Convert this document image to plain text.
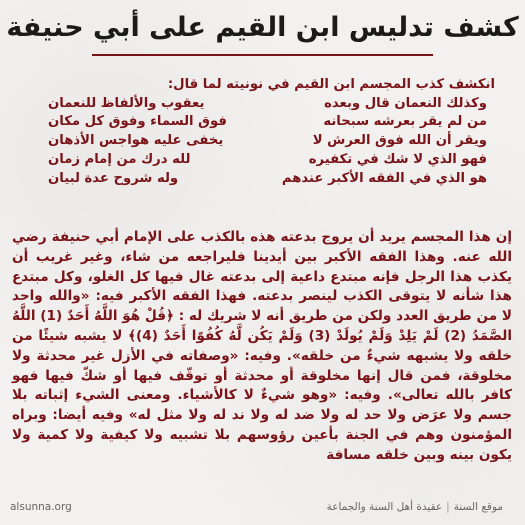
كشف تدليس ابن القيم على أبي حنيفة
انكشف كذب المجسم ابن القيم في نونيته لما قال:
وكذلك النعمان قال وبعده
يعقوب والألفاظ للنعمان
من لم يقر بعرشه سبحانه
فوق السماء وفوق كل مكان
ويقر أن الله فوق العرش لا
يخفى عليه هواجس الأذهان
فهو الذي لا شك في تكفيره
لله درك من إمام زمان
هو الذي في الفقه الأكبر عندهم
وله شروح عدة لبيان
إن هذا المجسم يريد أن يروج بدعته هذه بالكذب على الإمام أبي حنيفة رضي الله عنه. وهذا الفقه الأكبر بين أيدينا فليراجعه من شاء، وغير غريب أن يكذب هذا الرجل فإنه مبتدع داعية إلى بدعته غال فيها كل الغلو، وكل مبتدع هذا شأنه لا يتوقى الكذب لينصر بدعته. فهذا الفقه الأكبر فيه: «والله واحد لا من طريق العدد ولكن من طريق أنه لا شريك له : ﴿قُلْ هُوَ اللَّهُ أَحَدٌ (1) اللَّهُ الصَّمَدُ (2) لَمْ يَلِدْ وَلَمْ يُولَدْ (3) وَلَمْ يَكُن لَّهُ كُفُوًا أَحَدٌ (4)﴾ لا يشبه شيئًا من خلقه ولا يشبهه شيءٌ من خلقه». وفيه: «وصفاته في الأزل غير محدثة ولا مخلوقة، فمن قال إنها مخلوقة أو محدثة أو توقّف فيها أو شكّ فيها فهو كافر بالله تعالى». وفيه: «وهو شيءٌ لا كالأشياء. ومعنى الشيء إثباته بلا جسم ولا عرَض ولا حد له ولا ضد له ولا ند له ولا مثل له» وفيه أيضا: وبراه المؤمنون وهم في الجنة بأعين رؤوسهم بلا تشبيه ولا كيفية ولا كمية ولا يكون بينه وبين خلقه مسافة
alsunna.org	موقع السنة|عقيدة أهل السنة والجماعة
